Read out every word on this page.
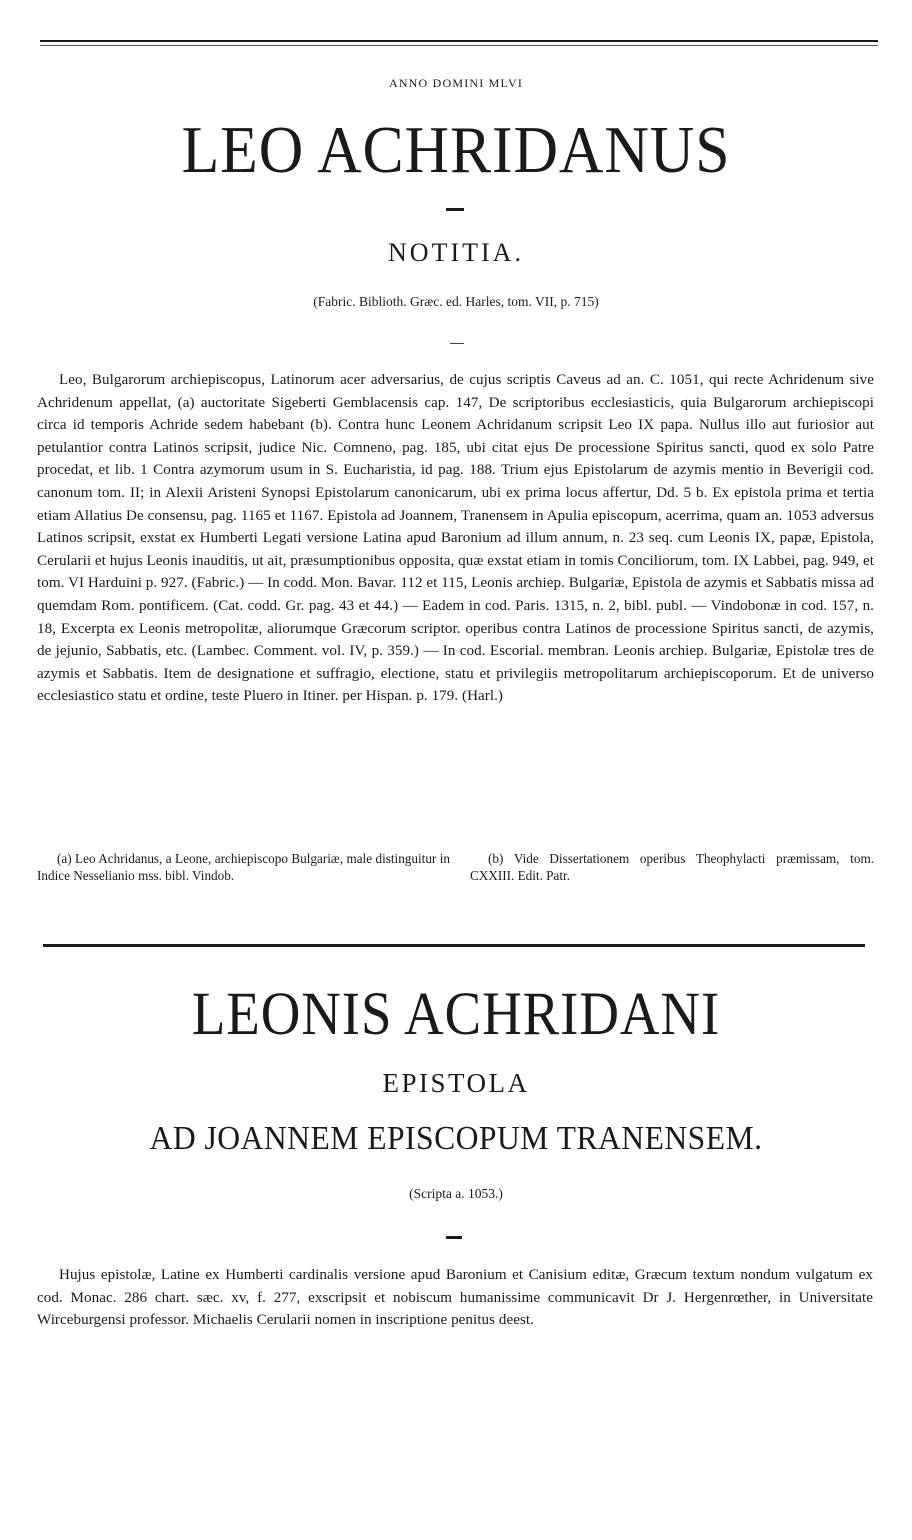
ANNO DOMINI MLVI
LEO ACHRIDANUS
NOTITIA.
(Fabric. Biblioth. Græc. ed. Harles, tom. VII, p. 715)
Leo, Bulgarorum archiepiscopus, Latinorum acer adversarius, de cujus scriptis Caveus ad an. C. 1051, qui recte Achridenum sive Achridenum appellat, (a) auctoritate Sigeberti Gemblacensis cap. 147, De scriptoribus ecclesiasticis, quia Bulgarorum archiepiscopi circa id temporis Achride sedem habebant (b). Contra hunc Leonem Achridanum scripsit Leo IX papa. Nullus illo aut furiosior aut petulantior contra Latinos scripsit, judice Nic. Comneno, pag. 185, ubi citat ejus De processione Spiritus sancti, quod ex solo Patre procedat, et lib. 1 Contra azymorum usum in S. Eucharistia, id pag. 188. Trium ejus Epistolarum de azymis mentio in Beverigii cod. canonum tom. II; in Alexii Aristeni Synopsi Epistolarum canonicarum, ubi ex prima locus affertur, Dd. 5 b. Ex epistola prima et tertia etiam Allatius De consensu, pag. 1165 et 1167. Epistola ad Joannem, Tranensem in Apulia episcopum, acerrima, quam an. 1053 adversus Latinos scripsit, exstat ex Humberti Legati versione Latina apud Baronium ad illum annum, n. 23 seq. cum Leonis IX, papæ, Epistola, Cerularii et hujus Leonis inauditis, ut ait, præsumptionibus opposita, quæ exstat etiam in tomis Conciliorum, tom. IX Labbei, pag. 949, et tom. VI Harduini p. 927. (Fabric.) — In codd. Mon. Bavar. 112 et 115, Leonis archiep. Bulgariæ, Epistola de azymis et Sabbatis missa ad quemdam Rom. pontificem. (Cat. codd. Gr. pag. 43 et 44.) — Eadem in cod. Paris. 1315, n. 2, bibl. publ. — Vindobonæ in cod. 157, n. 18, Excerpta ex Leonis metropolitæ, aliorumque Græcorum scriptor. operibus contra Latinos de processione Spiritus sancti, de azymis, de jejunio, Sabbatis, etc. (Lambec. Comment. vol. IV, p. 359.) — In cod. Escorial. membran. Leonis archiep. Bulgariæ, Epistolæ tres de azymis et Sabbatis. Item de designatione et suffragio, electione, statu et privilegiis metropolitarum archiepiscoporum. Et de universo ecclesiastico statu et ordine, teste Pluero in Itiner. per Hispan. p. 179. (Harl.)
(a) Leo Achridanus, a Leone, archiepiscopo Bulgariæ, male distinguitur in Indice Nesselianio mss. bibl. Vindob.
(b) Vide Dissertationem operibus Theophylacti præmissam, tom. CXXIII. Edit. Patr.
LEONIS ACHRIDANI
EPISTOLA
AD JOANNEM EPISCOPUM TRANENSEM.
(Scripta a. 1053.)
Hujus epistolæ, Latine ex Humberti cardinalis versione apud Baronium et Canisium editæ, Græcum textum nondum vulgatum ex cod. Monac. 286 chart. sæc. xv, f. 277, exscripsit et nobiscum humanissime communicavit Dr J. Hergenrœther, in Universitate Wirceburgensi professor. Michaelis Cerularii nomen in inscriptione penitus deest.
